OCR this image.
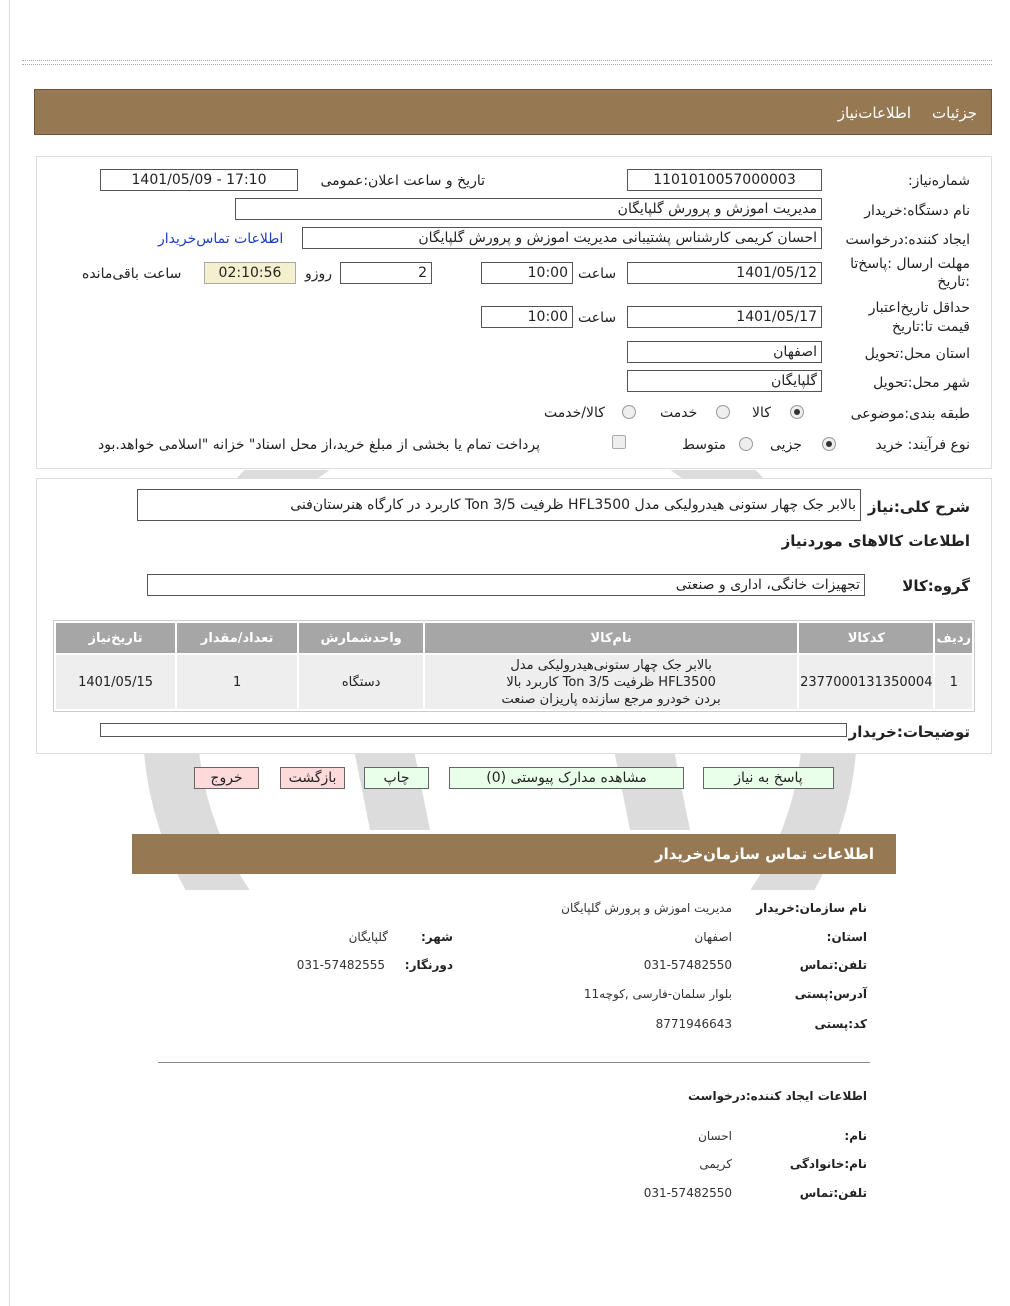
جزئیات
اطلاعات‌نیاز
شماره‌نیاز:
1101010057000003
تاریخ و ساعت اعلان:عمومی
1401/05/09 - 17:10
نام دستگاه:خریدار
مدیریت اموزش و پرورش گلپایگان
ایجاد کننده:درخواست
احسان کریمی کارشناس پشتیبانی مدیریت اموزش و پرورش گلپایگان
اطلاعات تماس‌خریدار
مهلت ارسال :پاسخ‌تا
:تاریخ
1401/05/12
ساعت
10:00
2
روزو
02:10:56
ساعت باقی‌مانده
حداقل تاریخ‌اعتبار
قیمت تا:تاریخ
1401/05/17
ساعت
10:00
استان محل:تحویل
اصفهان
شهر محل:تحویل
گلپایگان
طبقه بندی:موضوعی
کالا
خدمت
کالا/خدمت
نوع فرآیند: خرید
جزیی
متوسط
پرداخت تمام یا بخشی از مبلغ خرید،از محل اسناد" خزانه "اسلامی خواهد.بود
شرح کلی:نیاز
بالابر جک چهار ستونی هیدرولیکی مدل HFL3500 ظرفیت Ton 3/5 کاربرد در کارگاه هنرستان‌فنی
اطلاعات کالاهای مورد‌نیاز
گروه:کالا
تجهیزات خانگی، اداری و صنعتی
ردیف	کدکالا	نام‌کالا	واحدشمارش	تعداد/مقدار	تاریخ‌نیاز
1	2377000131350004	بالابر جک چهار ستونی‌هیدرولیکی مدل HFL3500 ظرفیت Ton 3/5 کاربرد بالا بردن خودرو مرجع سازنده پاریزان صنعت	دستگاه	1	1401/05/15
توضیحات:خریدار
پاسخ به نیاز
مشاهده مدارک پیوستی (0)
چاپ
بازگشت
خروج
اطلاعات تماس سازمان‌خریدار
نام سازمان:خریدار
مدیریت اموزش و پرورش گلپایگان
استان:
اصفهان
شهر:
گلپایگان
تلفن:تماس
031-57482550
دورنگار:
031-57482555
آدرس:پستی
بلوار سلمان-فارسی ,کوچه11
کد:پستی
8771946643
اطلاعات ایجاد کننده:درخواست
نام:
احسان
نام:خانوادگی
کریمی
تلفن:تماس
031-57482550
